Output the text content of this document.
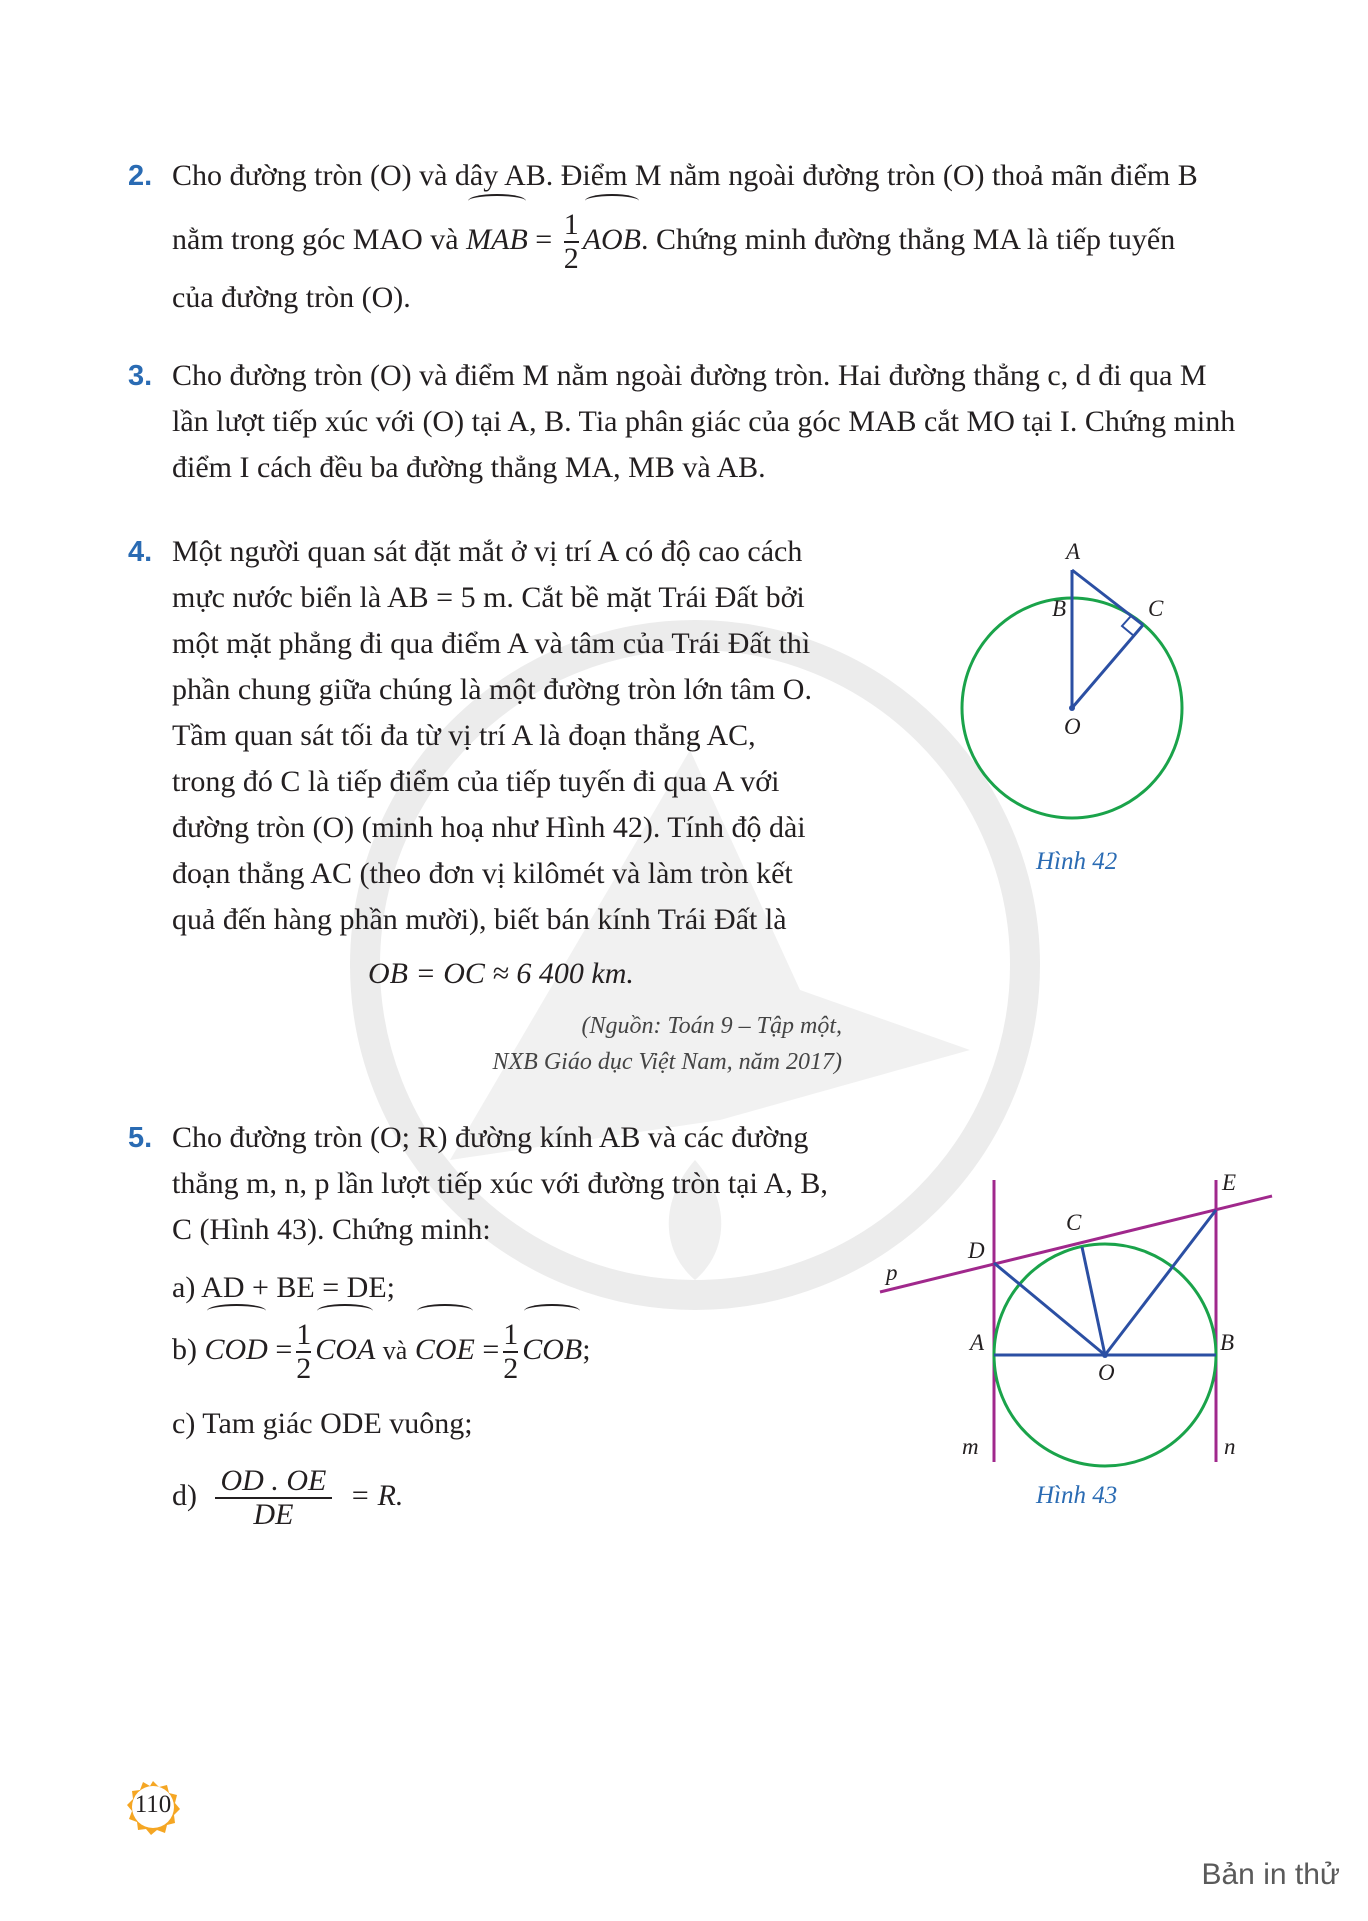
2. Cho đường tròn (O) và dây AB. Điểm M nằm ngoài đường tròn (O) thoả mãn điểm B
nằm trong góc MAO và MAB = $\frac{1}{2}$ AOB. Chứng minh đường thẳng MA là tiếp tuyến
của đường tròn (O).
3. Cho đường tròn (O) và điểm M nằm ngoài đường tròn. Hai đường thẳng c, d đi qua M
lần lượt tiếp xúc với (O) tại A, B. Tia phân giác của góc MAB cắt MO tại I. Chứng minh
điểm I cách đều ba đường thẳng MA, MB và AB.
4. Một người quan sát đặt mắt ở vị trí A có độ cao cách
mực nước biển là AB = 5 m. Cắt bề mặt Trái Đất bởi
một mặt phẳng đi qua điểm A và tâm của Trái Đất thì
phần chung giữa chúng là một đường tròn lớn tâm O.
Tầm quan sát tối đa từ vị trí A là đoạn thẳng AC,
trong đó C là tiếp điểm của tiếp tuyến đi qua A với
đường tròn (O) (minh hoạ như Hình 42). Tính độ dài
đoạn thẳng AC (theo đơn vị kilômét và làm tròn kết
quả đến hàng phần mười), biết bán kính Trái Đất là
OB = OC ≈ 6 400 km.
(Nguồn: Toán 9 – Tập một,
NXB Giáo dục Việt Nam, năm 2017)
A
B	C
O
Hình 42
5. Cho đường tròn (O; R) đường kính AB và các đường
thẳng m, n, p lần lượt tiếp xúc với đường tròn tại A, B,
C (Hình 43). Chứng minh:
a) AD + BE = DE;
b) COD = $\frac{1}{2}$ COA và COE = $\frac{1}{2}$ COB;
c) Tam giác ODE vuông;
$d) \frac{OD . OE}{DE} = R$.
E
C
D
p
A	B
O
m	n
Hình 43
110
Bản in thử
